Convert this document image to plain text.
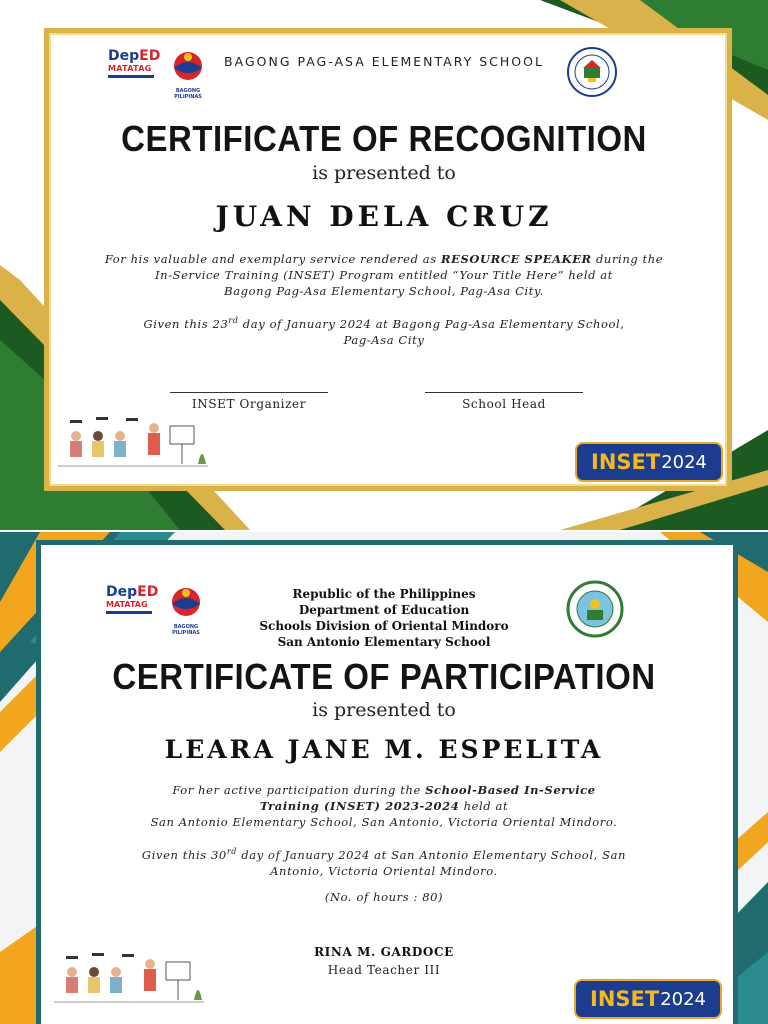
DepED
MATATAG
BAGONG PILIPINAS
BAGONG PAG-ASA ELEMENTARY SCHOOL
CERTIFICATE OF RECOGNITION
is presented to
JUAN DELA CRUZ
For his valuable and exemplary service rendered as RESOURCE SPEAKER during the
In-Service Training (INSET) Program entitled “Your Title Here” held at
Bagong Pag-Asa Elementary School, Pag-Asa City.
Given this 23rd day of January 2024 at Bagong Pag-Asa Elementary School,
Pag-Asa City
INSET Organizer	School Head
INSET 2024
DepED
MATATAG
BAGONG PILIPINAS
Republic of the Philippines
Department of Education
Schools Division of Oriental Mindoro
San Antonio Elementary School
CERTIFICATE OF PARTICIPATION
is presented to
LEARA JANE M. ESPELITA
For her active participation during the School-Based In-Service
Training (INSET) 2023-2024 held at
San Antonio Elementary School, San Antonio, Victoria Oriental Mindoro.
Given this 30rd day of January 2024 at San Antonio Elementary School, San
Antonio, Victoria Oriental Mindoro.
(No. of hours : 80)
RINA M. GARDOCE
Head Teacher III
INSET 2024
